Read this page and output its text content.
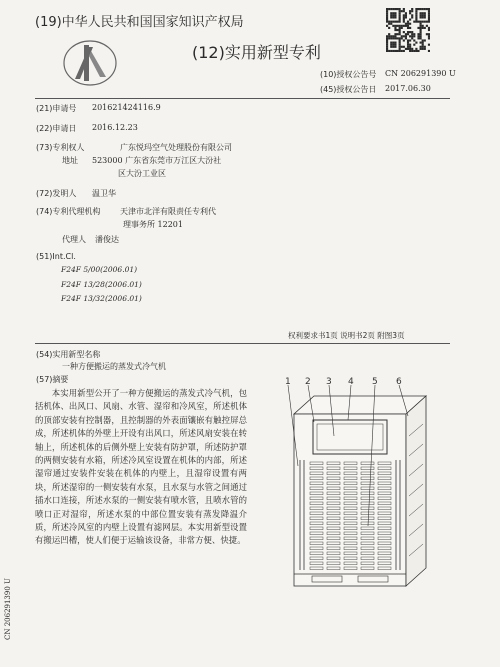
(19)中华人民共和国国家知识产权局
(12)实用新型专利
(10)授权公告号 CN 206291390 U
(45)授权公告日 2017.06.30
(21)申请号 201621424116.9
(22)申请日 2016.12.23
(73)专利权人	广东悦玛空气处理股份有限公司
地址 523000 广东省东莞市万江区大汾社
区大汾工业区
(72)发明人 温卫华
(74)专利代理机构 天津市北洋有限责任专利代
理事务所 12201
代理人 潘俊达
(51)Int.Cl.
F24F 5/00(2006.01)
F24F 13/28(2006.01)
F24F 13/32(2006.01)
权利要求书1页 说明书2页 附图3页
(54)实用新型名称
一种方便搬运的蒸发式冷气机
(57)摘要
本实用新型公开了一种方便搬运的蒸发式冷气机，包括机体、出风口、风扇、水管、湿帘和冷风室，所述机体的顶部安装有控制器，且控制器的外表面镶嵌有触控屏总成，所述机体的外壁上开设有出风口，所述风扇安装在转轴上，所述机体的后侧外壁上安装有防护罩，所述防护罩的两侧安装有水箱，所述冷风室设置在机体的内部，所述湿帘通过安装件安装在机体的内壁上，且湿帘设置有两块，所述湿帘的一侧安装有水泵，且水泵与水管之间通过插水口连接，所述水泵的一侧安装有喷水管，且喷水管的喷口正对湿帘，所述水泵的中部位置安装有蒸发降温介质，所述冷风室的内壁上设置有滤网层。本实用新型设置有搬运凹槽，使人们便于运输该设备，非常方便、快捷。
1 2 3 4 5 6
CN 206291390 U
